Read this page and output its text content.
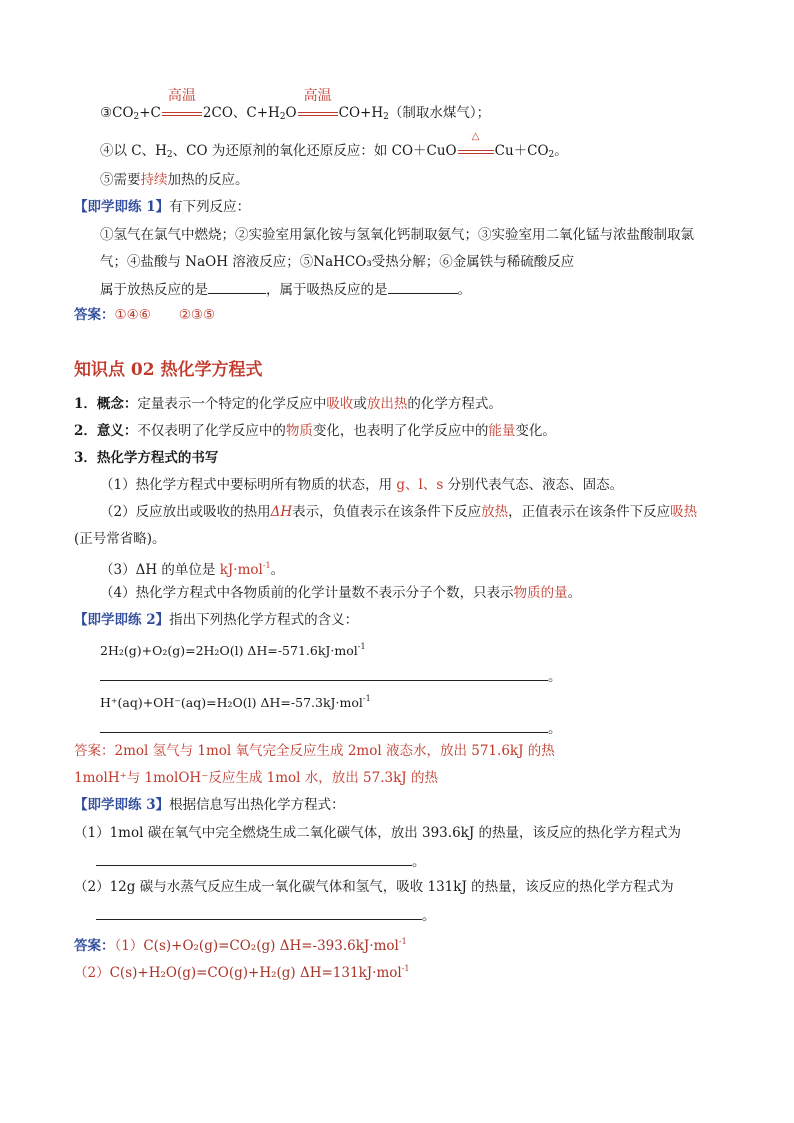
$③CO_2+C$
高温
2CO、$C+H_2O$
高温
$CO+H_2$（制取水煤气）；
④以 C、$H_2$、CO 为还原剂的氧化还原反应：如 CO＋CuO
△
$Cu+CO_2$。
⑤需要持续加热的反应。
【即学即练 1】有下列反应：
①氢气在氯气中燃烧；②实验室用氯化铵与氢氧化钙制取氨气；③实验室用二氧化锰与浓盐酸制取氯
气；④盐酸与 NaOH 溶液反应；⑤NaHCO₃受热分解；⑥金属铁与稀硫酸反应
属于放热反应的是	，属于吸热反应的是	。
答案：①④⑥ ②③⑤
知识点 02 热化学方程式
1．概念：定量表示一个特定的化学反应中吸收或放出热的化学方程式。
2．意义：不仅表明了化学反应中的物质变化，也表明了化学反应中的能量变化。
3．热化学方程式的书写
（1）热化学方程式中要标明所有物质的状态，用 g、l、s 分别代表气态、液态、固态。
（2）反应放出或吸收的热用ΔH表示，负值表示在该条件下反应放热，正值表示在该条件下反应吸热
(正号常省略)。
（3）ΔH 的单位是 kJ·mol$^{-1}$。
（4）热化学方程式中各物质前的化学计量数不表示分子个数，只表示物质的量。
【即学即练 2】指出下列热化学方程式的含义：
2H₂(g)+O₂(g)=2H₂O(l) ΔH=-571.6kJ·mol$^{-1}$
。
H⁺(aq)+OH⁻(aq)=H₂O(l) ΔH=-57.3kJ·mol$^{-1}$
。
答案：2mol 氢气与 1mol 氧气完全反应生成 2mol 液态水，放出 571.6kJ 的热
1molH⁺与 1molOH⁻反应生成 1mol 水，放出 57.3kJ 的热
【即学即练 3】根据信息写出热化学方程式：
（1）1mol 碳在氧气中完全燃烧生成二氧化碳气体，放出 393.6kJ 的热量，该反应的热化学方程式为
。
（2）12g 碳与水蒸气反应生成一氧化碳气体和氢气，吸收 131kJ 的热量，该反应的热化学方程式为
。
答案：（1）C(s)+O₂(g)=CO₂(g) ΔH=-393.6kJ·mol$^{-1}$
（2）C(s)+H₂O(g)=CO(g)+H₂(g) ΔH=131kJ·mol$^{-1}$
